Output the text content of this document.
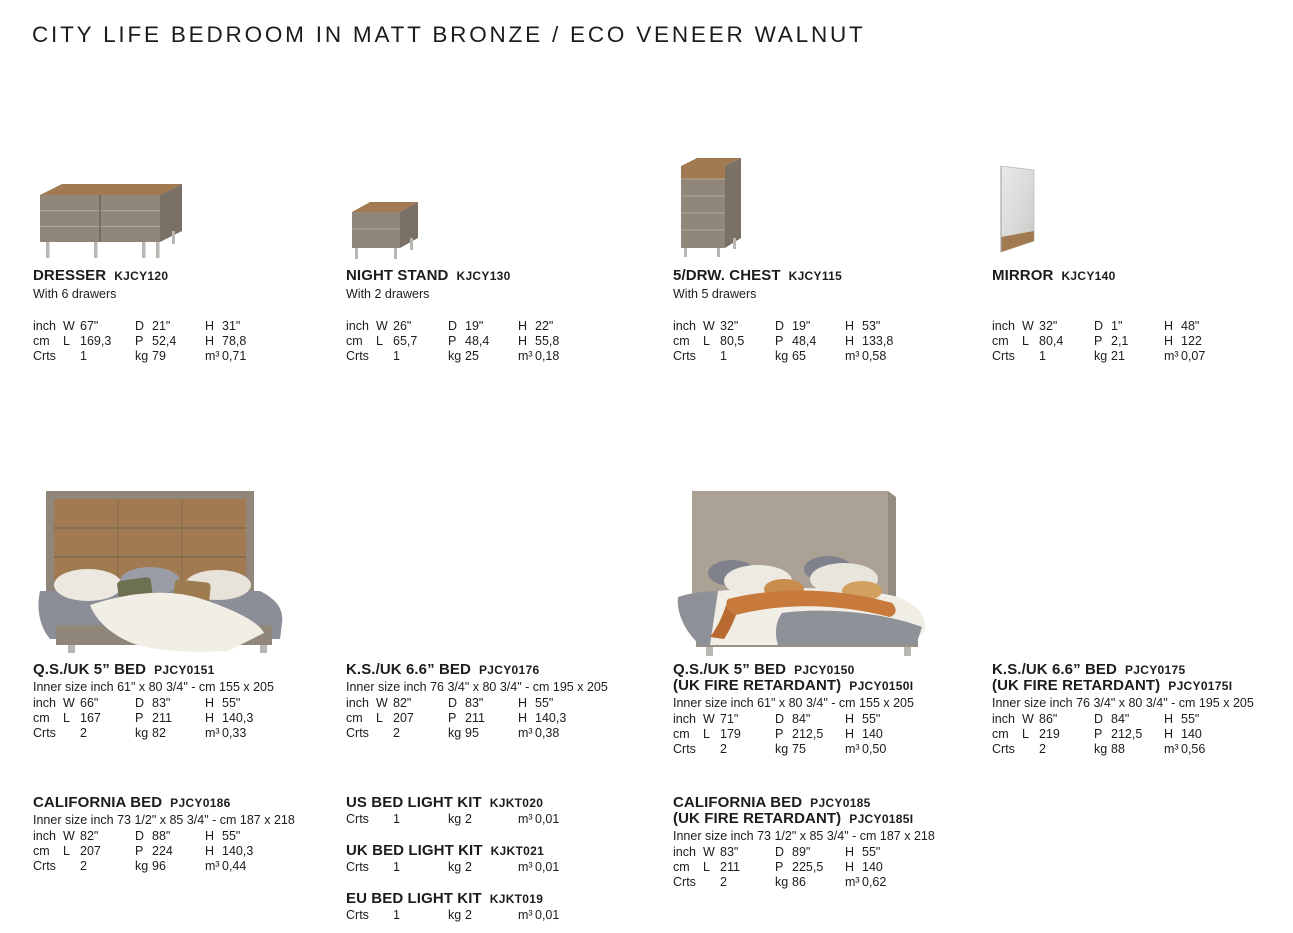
CITY LIFE BEDROOM IN MATT BRONZE / ECO VENEER WALNUT
DRESSER KJCY120
With 6 drawers
inch W 67"	D 21"	H 31"
cm	L 169,3	P 52,4	H 78,8
Crts	1	kg 79	m³ 0,71
NIGHT STAND KJCY130
With 2 drawers
inch W 26"	D 19"	H 22"
cm	L 65,7	P 48,4	H 55,8
Crts	1	kg 25	m³ 0,18
5/DRW. CHEST KJCY115
With 5 drawers
inch W 32"	D 19"	H 53"
cm	L 80,5	P 48,4	H 133,8
Crts	1	kg 65	m³ 0,58
MIRROR KJCY140
inch W 32"	D 1"	H 48"
cm	L 80,4	P 2,1	H 122
Crts	1	kg 21	m³ 0,07
Q.S./UK 5” BED PJCY0151
Inner size inch 61" x 80 3/4" - cm 155 x 205
inch W 66"	D 83"	H 55"
cm	L 167	P 211	H 140,3
Crts	2	kg 82	m³ 0,33
K.S./UK 6.6” BED PJCY0176
Inner size inch 76 3/4" x 80 3/4" - cm 195 x 205
inch W 82"	D 83"	H 55"
cm	L 207	P 211	H 140,3
Crts	2	kg 95	m³ 0,38
Q.S./UK 5” BED PJCY0150
(UK FIRE RETARDANT) PJCY0150I
Inner size inch 61" x 80 3/4" - cm 155 x 205
inch W 71"	D 84"	H 55"
cm	L 179	P 212,5	H 140
Crts	2	kg 75	m³ 0,50
K.S./UK 6.6” BED PJCY0175
(UK FIRE RETARDANT) PJCY0175I
Inner size inch 76 3/4" x 80 3/4" - cm 195 x 205
inch W 86"	D 84"	H 55"
cm	L 219	P 212,5	H 140
Crts	2	kg 88	m³ 0,56
CALIFORNIA BED PJCY0186
Inner size inch 73 1/2" x 85 3/4" - cm 187 x 218
inch W 82"	D 88"	H 55"
cm	L 207	P 224	H 140,3
Crts	2	kg 96	m³ 0,44
US BED LIGHT KIT KJKT020
Crts	1	kg 2	m³ 0,01
UK BED LIGHT KIT KJKT021
Crts	1	kg 2	m³ 0,01
EU BED LIGHT KIT KJKT019
Crts	1	kg 2	m³ 0,01
CALIFORNIA BED PJCY0185
(UK FIRE RETARDANT) PJCY0185I
Inner size inch 73 1/2" x 85 3/4" - cm 187 x 218
inch W 83"	D 89"	H 55"
cm	L 211	P 225,5	H 140
Crts	2	kg 86	m³ 0,62
